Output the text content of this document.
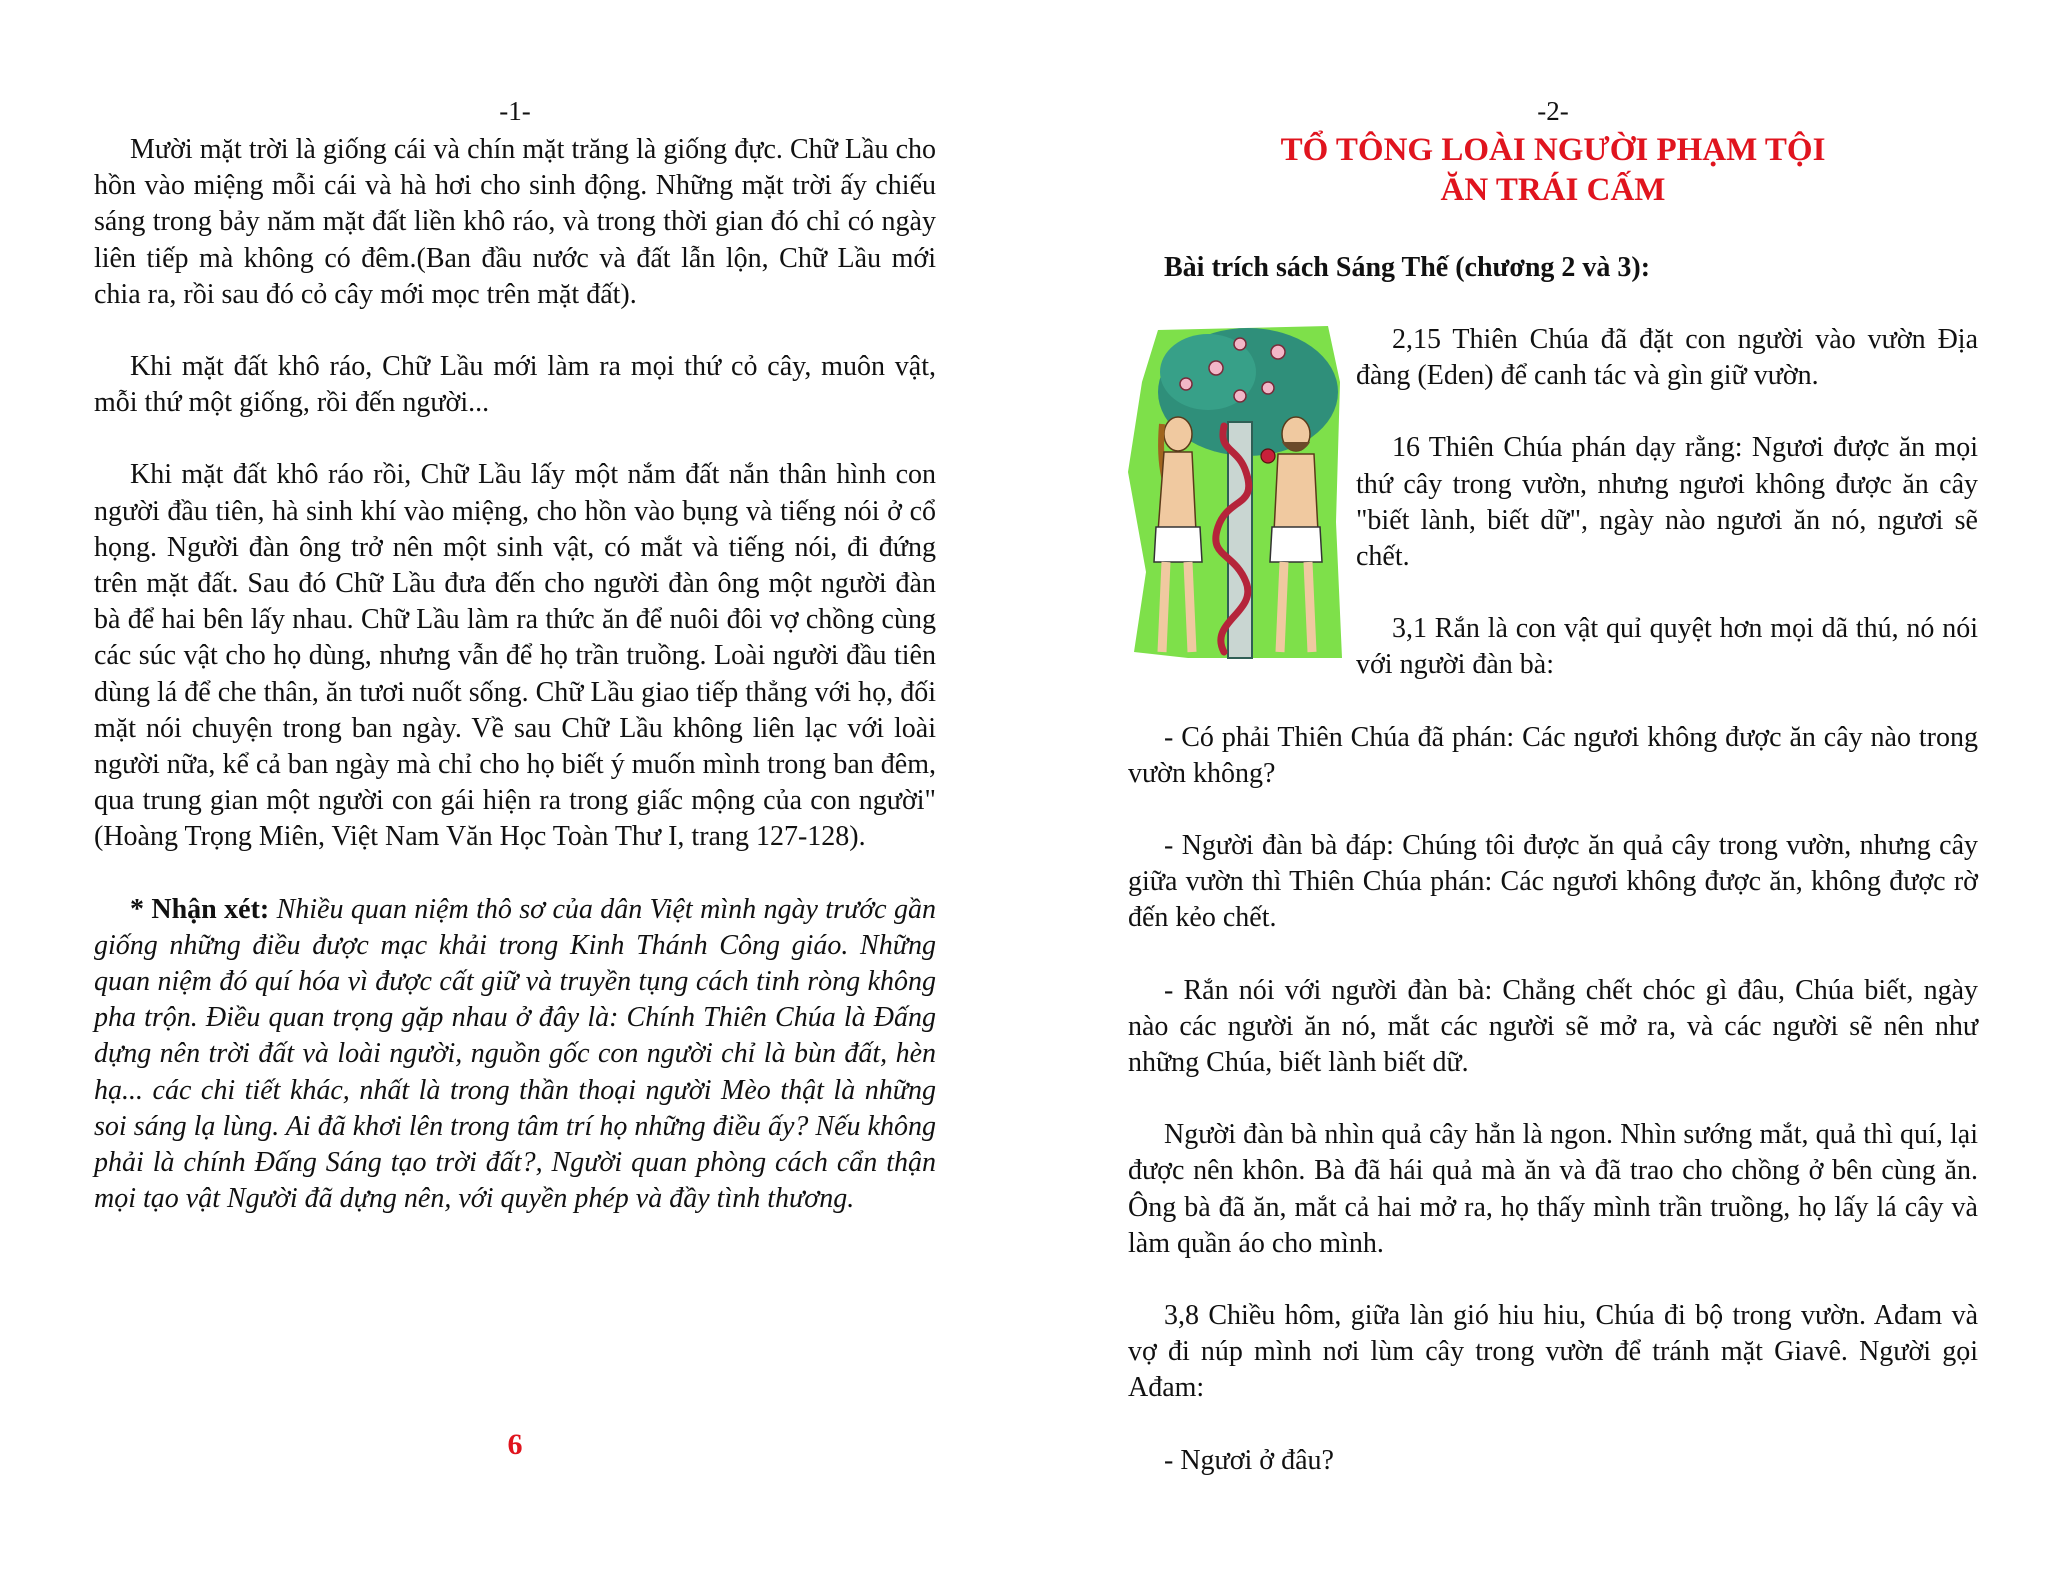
-1-

Mười mặt trời là giống cái và chín mặt trăng là giống đực. Chữ Lầu cho hồn vào miệng mỗi cái và hà hơi cho sinh động. Những mặt trời ấy chiếu sáng trong bảy năm mặt đất liền khô ráo, và trong thời gian đó chỉ có ngày liên tiếp mà không có đêm.(Ban đầu nước và đất lẫn lộn, Chữ Lầu mới chia ra, rồi sau đó cỏ cây mới mọc trên mặt đất).

Khi mặt đất khô ráo, Chữ Lầu mới làm ra mọi thứ cỏ cây, muôn vật, mỗi thứ một giống, rồi đến người...

Khi mặt đất khô ráo rồi, Chữ Lầu lấy một nắm đất nắn thân hình con người đầu tiên, hà sinh khí vào miệng, cho hồn vào bụng và tiếng nói ở cổ họng. Người đàn ông trở nên một sinh vật, có mắt và tiếng nói, đi đứng trên mặt đất. Sau đó Chữ Lầu đưa đến cho người đàn ông một người đàn bà để hai bên lấy nhau. Chữ Lầu làm ra thức ăn để nuôi đôi vợ chồng cùng các súc vật cho họ dùng, nhưng vẫn để họ trần truồng. Loài người đầu tiên dùng lá để che thân, ăn tươi nuốt sống. Chữ Lầu giao tiếp thẳng với họ, đối mặt nói chuyện trong ban ngày. Về sau Chữ Lầu không liên lạc với loài người nữa, kể cả ban ngày mà chỉ cho họ biết ý muốn mình trong ban đêm, qua trung gian một người con gái hiện ra trong giấc mộng của con người" (Hoàng Trọng Miên, Việt Nam Văn Học Toàn Thư I, trang 127-128).

* Nhận xét: Nhiều quan niệm thô sơ của dân Việt mình ngày trước gần giống những điều được mạc khải trong Kinh Thánh Công giáo. Những quan niệm đó quí hóa vì được cất giữ và truyền tụng cách tinh ròng không pha trộn. Điều quan trọng gặp nhau ở đây là: Chính Thiên Chúa là Đấng dựng nên trời đất và loài người, nguồn gốc con người chỉ là bùn đất, hèn hạ... các chi tiết khác, nhất là trong thần thoại người Mèo thật là những soi sáng lạ lùng. Ai đã khơi lên trong tâm trí họ những điều ấy? Nếu không phải là chính Đấng Sáng tạo trời đất?, Người quan phòng cách cẩn thận mọi tạo vật Người đã dựng nên, với quyền phép và đầy tình thương.

6
-2-
TỔ TÔNG LOÀI NGƯỜI PHẠM TỘI
ĂN TRÁI CẤM
Bài trích sách Sáng Thế (chương 2 và 3):

2,15 Thiên Chúa đã đặt con người vào vườn Địa đàng (Eden) để canh tác và gìn giữ vườn.

16 Thiên Chúa phán dạy rằng: Ngươi được ăn mọi thứ cây trong vườn, nhưng ngươi không được ăn cây "biết lành, biết dữ", ngày nào ngươi ăn nó, ngươi sẽ chết.

3,1 Rắn là con vật quỉ quyệt hơn mọi dã thú, nó nói với người đàn bà:

- Có phải Thiên Chúa đã phán: Các ngươi không được ăn cây nào trong vườn không?

- Người đàn bà đáp: Chúng tôi được ăn quả cây trong vườn, nhưng cây giữa vườn thì Thiên Chúa phán: Các ngươi không được ăn, không được rờ đến kẻo chết.

- Rắn nói với người đàn bà: Chẳng chết chóc gì đâu, Chúa biết, ngày nào các người ăn nó, mắt các người sẽ mở ra, và các người sẽ nên như những Chúa, biết lành biết dữ.

Người đàn bà nhìn quả cây hẳn là ngon. Nhìn sướng mắt, quả thì quí, lại được nên khôn. Bà đã hái quả mà ăn và đã trao cho chồng ở bên cùng ăn. Ông bà đã ăn, mắt cả hai mở ra, họ thấy mình trần truồng, họ lấy lá cây và làm quần áo cho mình.

3,8 Chiều hôm, giữa làn gió hiu hiu, Chúa đi bộ trong vườn. Ađam và vợ đi núp mình nơi lùm cây trong vườn để tránh mặt Giavê. Người gọi Ađam:

- Ngươi ở đâu?
